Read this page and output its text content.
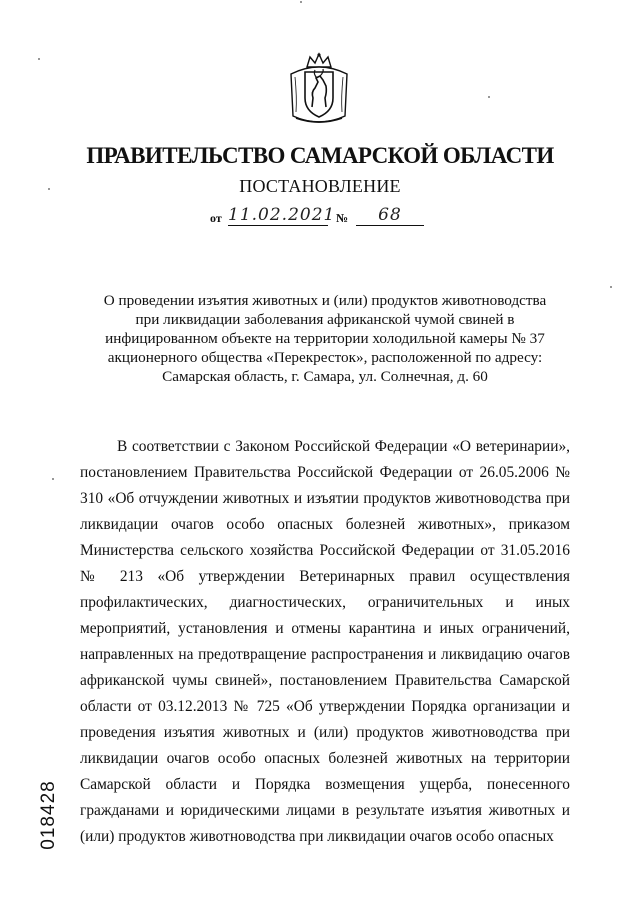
ПРАВИТЕЛЬСТВО САМАРСКОЙ ОБЛАСТИ
ПОСТАНОВЛЕНИЕ
от 11.02.2021 №	68
О проведении изъятия животных и (или) продуктов животноводства при ликвидации заболевания африканской чумой свиней в инфицированном объекте на территории холодильной камеры № 37 акционерного общества «Перекресток», расположенной по адресу: Самарская область, г. Самара, ул. Солнечная, д. 60

В соответствии с Законом Российской Федерации «О ветеринарии», постановлением Правительства Российской Федерации от 26.05.2006 № 310 «Об отчуждении животных и изъятии продуктов животноводства при ликвидации очагов особо опасных болезней животных», приказом Министерства сельского хозяйства Российской Федерации от 31.05.2016 № 213 «Об утверждении Ветеринарных правил осуществления профилактических, диагностических, ограничительных и иных мероприятий, установления и отмены карантина и иных ограничений, направленных на предотвращение распространения и ликвидацию очагов африканской чумы свиней», постановлением Правительства Самарской области от 03.12.2013 № 725 «Об утверждении Порядка организации и проведения изъятия животных и (или) продуктов животноводства при ликвидации очагов особо опасных болезней животных на территории Самарской области и Порядка возмещения ущерба, понесенного гражданами и юридическими лицами в результате изъятия животных и (или) продуктов животноводства при ликвидации очагов особо опасных

018428
